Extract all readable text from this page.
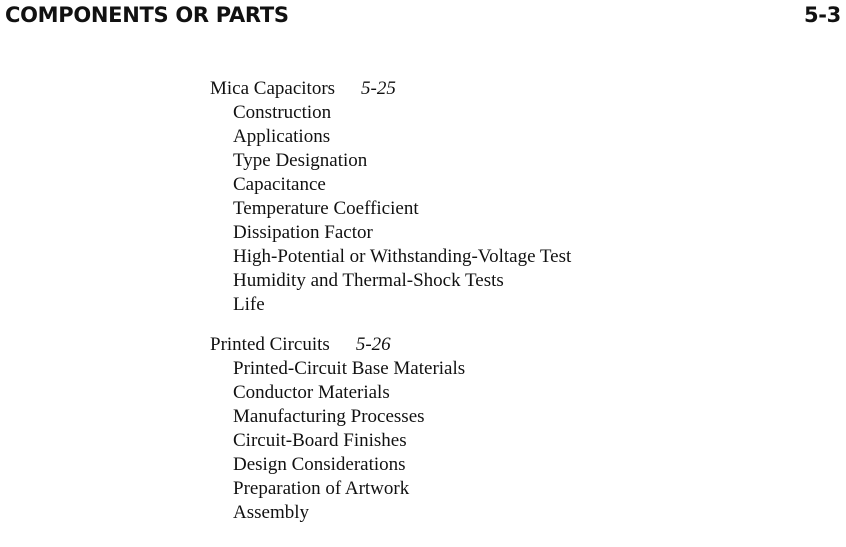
COMPONENTS OR PARTS	5-3
Mica Capacitors 5-25
Construction
Applications
Type Designation
Capacitance
Temperature Coefficient
Dissipation Factor
High-Potential or Withstanding-Voltage Test
Humidity and Thermal-Shock Tests
Life
Printed Circuits 5-26
Printed-Circuit Base Materials
Conductor Materials
Manufacturing Processes
Circuit-Board Finishes
Design Considerations
Preparation of Artwork
Assembly
